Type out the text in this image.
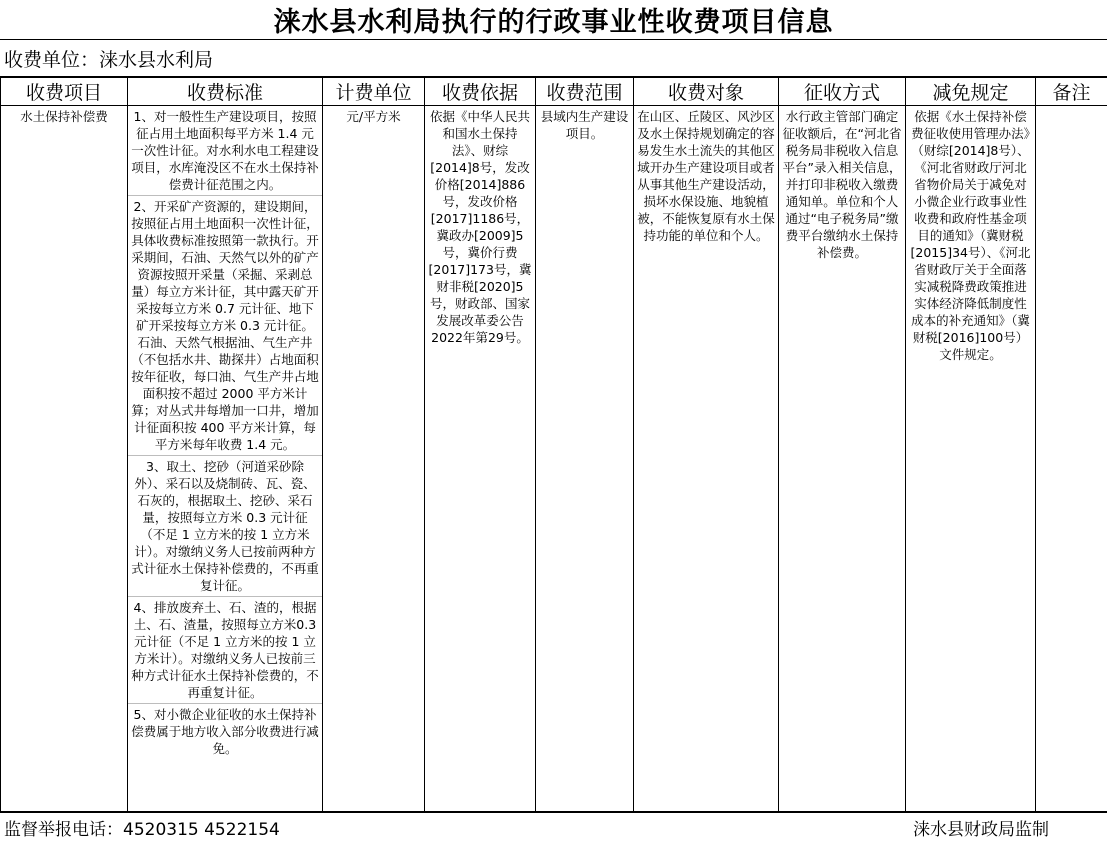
涞水县水利局执行的行政事业性收费项目信息
收费单位：涞水县水利局
收费项目	收费标准	计费单位	收费依据	收费范围	收费对象	征收方式	减免规定	备注
水土保持补偿费	1、对一般性生产建设项目，按照征占用土地面积每平方米 1.4 元一次性计征。对水利水电工程建设项目，水库淹没区不在水土保持补偿费计征范围之内。
2、开采矿产资源的，建设期间，按照征占用土地面积一次性计征，具体收费标准按照第一款执行。开采期间，石油、天然气以外的矿产资源按照开采量（采掘、采剥总量）每立方米计征，其中露天矿开采按每立方米 0.7 元计征、地下矿开采按每立方米 0.3 元计征。石油、天然气根据油、气生产井（不包括水井、勘探井）占地面积按年征收，每口油、气生产井占地面积按不超过 2000 平方米计算；对丛式井每增加一口井，增加计征面积按 400 平方米计算，每平方米每年收费 1.4 元。
3、取土、挖砂（河道采砂除外）、采石以及烧制砖、瓦、瓷、石灰的，根据取土、挖砂、采石量，按照每立方米 0.3 元计征（不足 1 立方米的按 1 立方米计）。对缴纳义务人已按前两种方式计征水土保持补偿费的，不再重复计征。
4、排放废弃土、石、渣的，根据土、石、渣量，按照每立方米0.3元计征（不足 1 立方米的按 1 立方米计）。对缴纳义务人已按前三种方式计征水土保持补偿费的，不再重复计征。
5、对小微企业征收的水土保持补偿费属于地方收入部分收费进行减免。	元/平方米	依据《中华人民共和国水土保持法》、财综[2014]8号，发改价格[2014]886号，发改价格[2017]1186号，冀政办[2009]5号，冀价行费[2017]173号，冀财非税[2020]5号，财政部、国家发展改革委公告2022年第29号。	县域内生产建设项目。	在山区、丘陵区、风沙区及水土保持规划确定的容易发生水土流失的其他区域开办生产建设项目或者从事其他生产建设活动，损坏水保设施、地貌植被，不能恢复原有水土保持功能的单位和个人。	水行政主管部门确定征收额后，在“河北省税务局非税收入信息平台”录入相关信息，并打印非税收入缴费通知单。单位和个人通过“电子税务局”缴费平台缴纳水土保持补偿费。	依据《水土保持补偿费征收使用管理办法》（财综[2014]8号）、《河北省财政厅河北省物价局关于减免对小微企业行政事业性收费和政府性基金项目的通知》（冀财税[2015]34号）、《河北省财政厅关于全面落实减税降费政策推进实体经济降低制度性成本的补充通知》（冀财税[2016]100号）文件规定。	
监督举报电话：4520315 4522154	涞水县财政局监制
